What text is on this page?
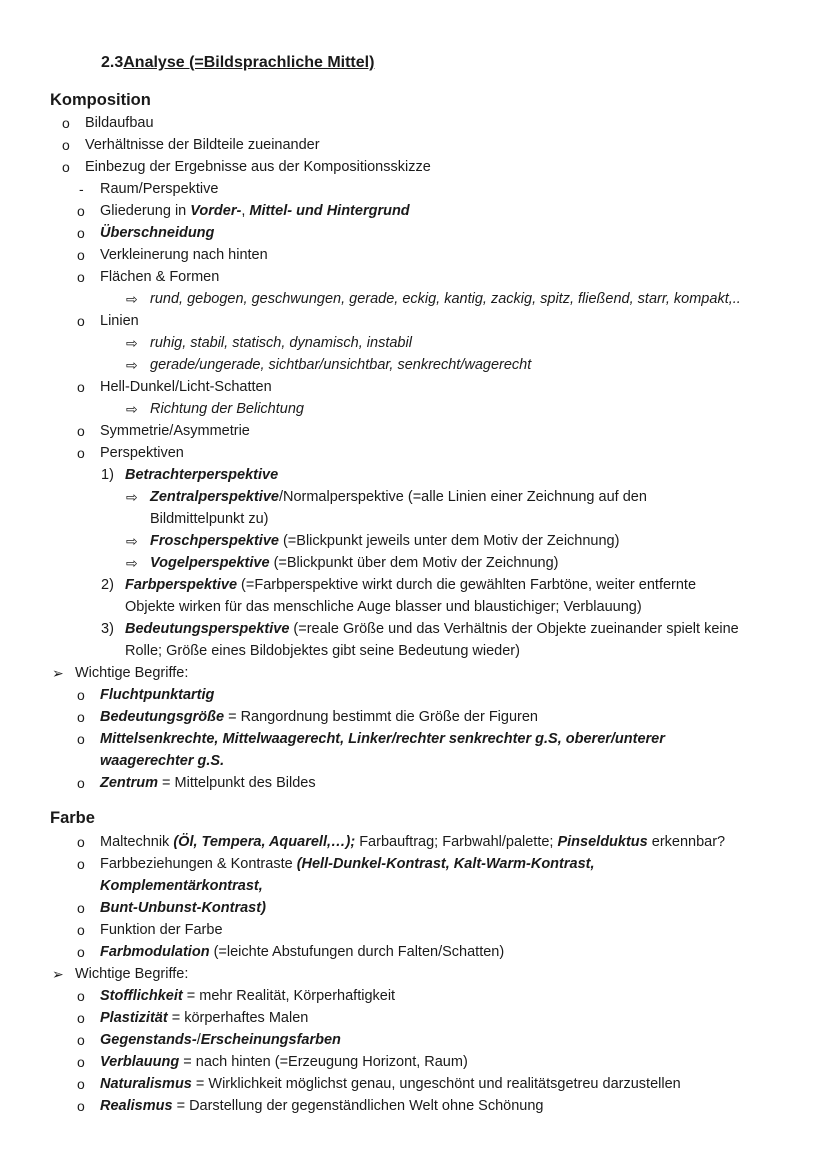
2.3Analyse (=Bildsprachliche Mittel)
Komposition
o Bildaufbau
o Verhältnisse der Bildteile zueinander
o Einbezug der Ergebnisse aus der Kompositionsskizze
- Raum/Perspektive
o Gliederung in Vorder-, Mittel- und Hintergrund
o Überschneidung
o Verkleinerung nach hinten
o Flächen & Formen
⇨ rund, gebogen, geschwungen, gerade, eckig, kantig, zackig, spitz, fließend, starr, kompakt,..
o Linien
⇨ ruhig, stabil, statisch, dynamisch, instabil
⇨ gerade/ungerade, sichtbar/unsichtbar, senkrecht/wagerecht
o Hell-Dunkel/Licht-Schatten
⇨ Richtung der Belichtung
o Symmetrie/Asymmetrie
o Perspektiven
1) Betrachterperspektive
⇨ Zentralperspektive/Normalperspektive (=alle Linien einer Zeichnung auf den
Bildmittelpunkt zu)
⇨ Froschperspektive (=Blickpunkt jeweils unter dem Motiv der Zeichnung)
⇨ Vogelperspektive (=Blickpunkt über dem Motiv der Zeichnung)
2) Farbperspektive (=Farbperspektive wirkt durch die gewählten Farbtöne, weiter entfernte
Objekte wirken für das menschliche Auge blasser und blaustichiger; Verblauung)
3) Bedeutungsperspektive (=reale Größe und das Verhältnis der Objekte zueinander spielt keine
Rolle; Größe eines Bildobjektes gibt seine Bedeutung wieder)
➢ Wichtige Begriffe:
o Fluchtpunktartig
o Bedeutungsgröße = Rangordnung bestimmt die Größe der Figuren
o Mittelsenkrechte, Mittelwaagerecht, Linker/rechter senkrechter g.S, oberer/unterer
waagerechter g.S.
o Zentrum = Mittelpunkt des Bildes
Farbe
o Maltechnik (Öl, Tempera, Aquarell,…); Farbauftrag; Farbwahl/palette; Pinselduktus erkennbar?
o Farbbeziehungen & Kontraste (Hell-Dunkel-Kontrast, Kalt-Warm-Kontrast,
Komplementärkontrast,
o Bunt-Unbunst-Kontrast)
o Funktion der Farbe
o Farbmodulation (=leichte Abstufungen durch Falten/Schatten)
➢ Wichtige Begriffe:
o Stofflichkeit = mehr Realität, Körperhaftigkeit
o Plastizität = körperhaftes Malen
o Gegenstands-/Erscheinungsfarben
o Verblauung = nach hinten (=Erzeugung Horizont, Raum)
o Naturalismus = Wirklichkeit möglichst genau, ungeschönt und realitätsgetreu darzustellen
o Realismus = Darstellung der gegenständlichen Welt ohne Schönung
